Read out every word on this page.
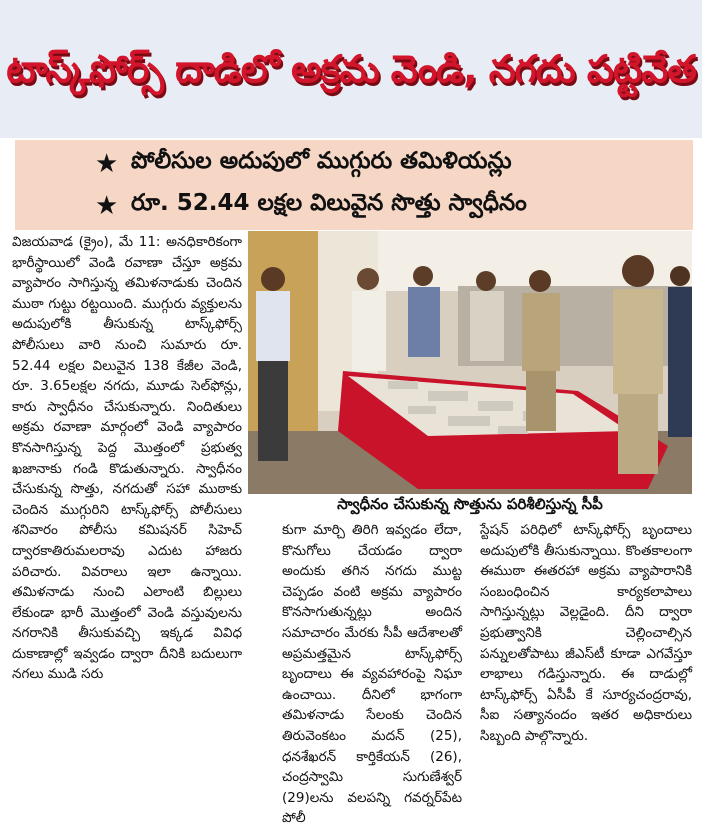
టాస్క్‌ఫోర్స్ దాడిలో అక్రమ వెండి, నగదు పట్టివేత
★ పోలీసుల అదుపులో ముగ్గురు తమిళియన్లు
★ రూ. 52.44 లక్షల విలువైన సొత్తు స్వాధీనం

విజయవాడ (క్రైం), మే 11: అనధికారికంగా భారీస్థాయిలో వెండి రవాణా చేస్తూ అక్రమ వ్యాపారం సాగిస్తున్న తమిళనాడుకు చెందిన ముఠా గుట్టు రట్టయింది. ముగ్గురు వ్యక్తులను అదుపులోకి తీసుకున్న టాస్క్‌ఫోర్స్ పోలీసులు వారి నుంచి సుమారు రూ. 52.44 లక్షల విలువైన 138 కేజీల వెండి, రూ. 3.65లక్షల నగదు, మూడు సెల్‌ఫోన్లు, కారు స్వాధీనం చేసుకున్నారు. నిందితులు అక్రమ రవాణా మార్గంలో వెండి వ్యాపారం కొనసాగిస్తున్న పెద్ద మొత్తంలో ప్రభుత్వ ఖజానాకు గండి కొడుతున్నారు. స్వాధీనం చేసుకున్న సొత్తు, నగదుతో సహా ముఠాకు చెందిన ముగ్గురిని టాస్క్‌ఫోర్స్ పోలీసులు శనివారం పోలీసు కమిషనర్ సిహెచ్ ద్వారకాతిరుమలరావు ఎదుట హాజరు పరిచారు. వివరాలు ఇలా ఉన్నాయి. తమిళనాడు నుంచి ఎలాంటి బిల్లులు లేకుండా భారీ మొత్తంలో వెండి వస్తువులను నగరానికి తీసుకువచ్చి ఇక్కడ వివిధ దుకాణాల్లో ఇవ్వడం ద్వారా దీనికి బదులుగా నగలు ముడి సరు

స్వాధీనం చేసుకున్న సొత్తును పరిశీలిస్తున్న సీపీ

కుగా మార్చి తిరిగి ఇవ్వడం లేదా, కొనుగోలు చేయడం ద్వారా అందుకు తగిన నగదు ముట్ట చెప్పడం వంటి అక్రమ వ్యాపారం కొనసాగుతున్నట్లు అందిన సమాచారం మేరకు సీపీ ఆదేశాలతో అప్రమత్తమైన టాస్క్‌ఫోర్స్ బృందాలు ఈ వ్యవహారంపై నిఘా ఉంచాయి. దీనిలో భాగంగా తమిళనాడు సేలంకు చెందిన తిరువెంకటం మదన్ (25), ధనశేఖరన్ కార్తికేయన్ (26), చంద్రస్వామి సుగుణేశ్వర్ (29)లను వలపన్ని గవర్నర్‌పేట పోలీ

స్టేషన్ పరిధిలో టాస్క్‌ఫోర్స్ బృందాలు అదుపులోకి తీసుకున్నాయి. కొంతకాలంగా ఈముఠా ఈతరహా అక్రమ వ్యాపారానికి సంబంధించిన కార్యకలాపాలు సాగిస్తున్నట్లు వెల్లడైంది. దీని ద్వారా ప్రభుత్వానికి చెల్లించాల్సిన పన్నులతోపాటు జీఎస్‌టీ కూడా ఎగవేస్తూ లాభాలు గడిస్తున్నారు. ఈ దాడుల్లో టాస్క్‌ఫోర్స్ ఏసీపీ కే సూర్యచంద్రరావు, సీఐ సత్యానందం ఇతర అధికారులు సిబ్బంది పాల్గొన్నారు.
